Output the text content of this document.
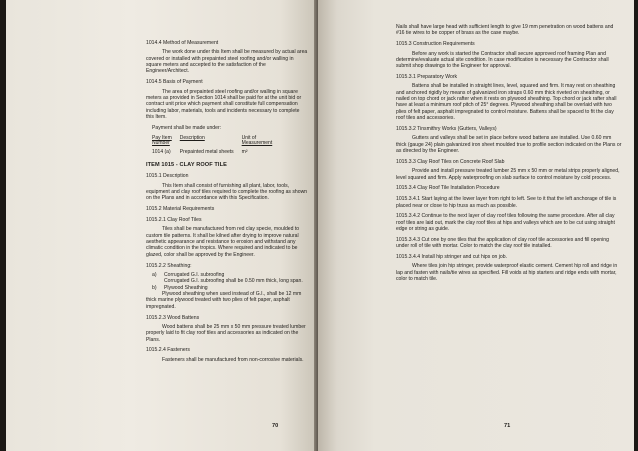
1014.4 Method of Measurement

The work done under this Item shall be measured by actual area covered or installed with prepainted steel roofing and/or walling in square meters and accepted to the satisfaction of the Engineer/Architect.

1014.5 Basis of Payment

The area of prepainted steel roofing and/or walling in square meters as provided in Section 1014 shall be paid for at the unit bid or contract unit price which payment shall constitute full compensation including labor, materials, tools and incidents necessary to complete this Item.

Payment shall be made under:

Pay Item
Number	Description	Unit of
Measurement
1014 (a)	Prepainted metal sheets	m²

ITEM 1015 - CLAY ROOF TILE

1015.1 Description

This Item shall consist of furnishing all plant, labor, tools, equipment and clay roof tiles required to complete the roofing as shown on the Plans and in accordance with this Specification.

1015.2 Material Requirements

1015.2.1 Clay Roof Tiles

Tiles shall be manufactured from red clay specie, moulded to custom tile patterns. It shall be kilned after drying to improve natural aesthetic appearance and resistance to erosion and withstand any climatic condition in the tropics. Where required and indicated to be glazed, color shall be approved by the Engineer.

1015.2.2 Sheathing:

a) Corrugated G.I. subroofing
Corrugated G.I. subroofing shall be 0.50 mm thick, long span.
b) Plywood Sheathing

Plywood sheathing when used instead of G.I., shall be 12 mm thick marine plywood treated with two plies of felt paper, asphalt impregnated.

1015.2.3 Wood Battens

Wood battens shall be 25 mm x 50 mm pressure treated lumber properly laid to fit clay roof tiles and accessories as indicated on the Plans.

1015.2.4 Fasteners

Fasteners shall be manufactured from non-corrosive materials.

70

Nails shall have large head with sufficient length to give 19 mm penetration on wood battens and #16 tie wires to be copper of brass as the case maybe.

1015.3 Construction Requirements

Before any work is started the Contractor shall secure approved roof framing Plan and determine/evaluate actual site condition. In case modification is necessary the Contractor shall submit shop drawings to the Engineer for approval.

1015.3.1 Preparatory Work

Battens shall be installed in straight lines, level, squared and firm. It may rest on sheathing and anchored rigidly by means of galvanized iron straps 0.60 mm thick riveted on sheathing, or nailed on top chord or jack rafter when it rests on plywood sheathing. Top chord or jack rafter shall have at least a minimum roof pitch of 25° degrees. Plywood sheathing shall be overlaid with two plies of felt paper, asphalt impregnated to control moisture. Battens shall be spaced to fit the clay roof tiles and accessories.

1015.3.2 Tinsmithry Works (Gutters, Valleys)

Gutters and valleys shall be set in place before wood battens are installed. Use 0.60 mm thick (gauge 24) plain galvanized iron sheet moulded true to profile section indicated on the Plans or as directed by the Engineer.

1015.3.3 Clay Roof Tiles on Concrete Roof Slab

Provide and install pressure treated lumber 25 mm x 50 mm or metal strips properly aligned, level squared and firm. Apply waterproofing on slab surface to control moisture by cold process.

1015.3.4 Clay Roof Tile Installation Procedure

1015.3.4.1 Start laying at the lower layer from right to left. See to it that the left anchorage of tile is placed near or close to hip truss as much as possible.

1015.3.4.2 Continue to the next layer of clay roof tiles following the same procedure. After all clay roof tiles are laid out, mark the clay roof tiles at hips and valleys which are to be cut using straight edge or string as guide.

1015.3.4.3 Cut one by one tiles that the application of clay roof tile accessories and fill opening under roll of tile with mortar. Color to match the clay roof tile installed.

1015.3.4.4 Install hip stringer and cut hips on job.

Where tiles join hip stringer, provide waterproof elastic cement. Cement hip roll and ridge in lap and fasten with nails/tie wires as specified. Fill voids at hip starters and ridge ends with mortar, color to match tile.

71
